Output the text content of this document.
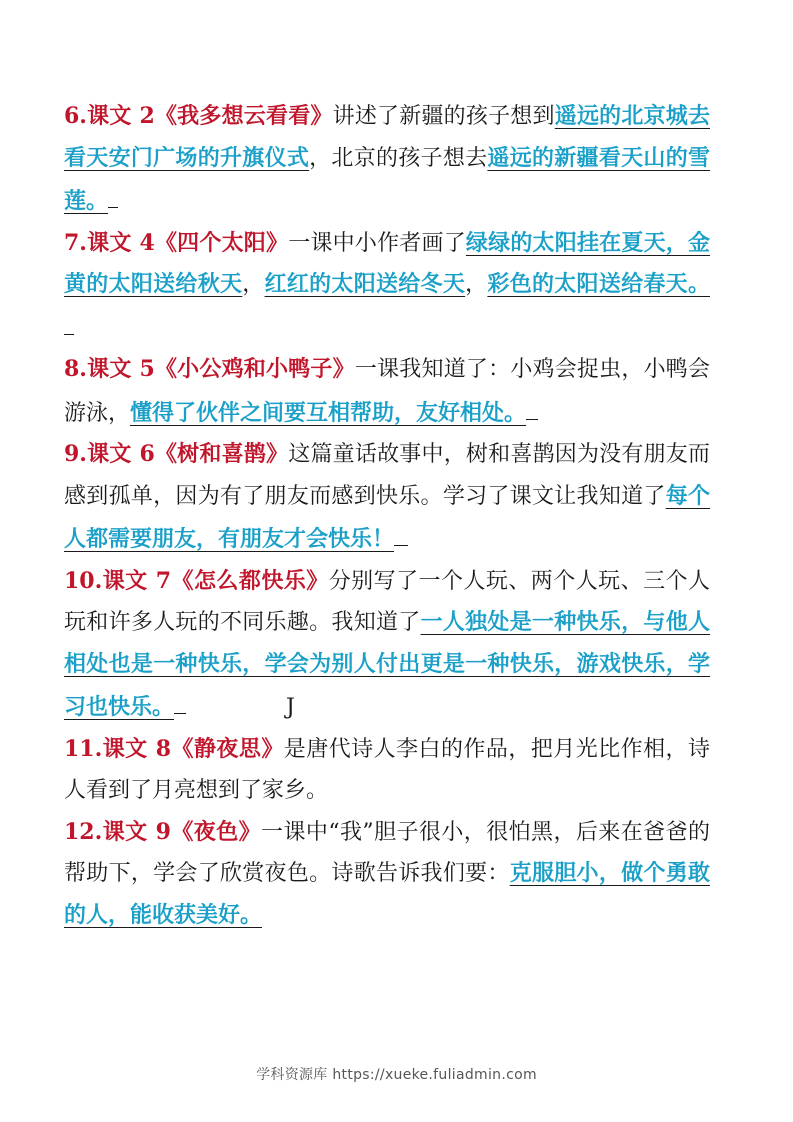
6.课文 2《我多想云看看》讲述了新疆的孩子想到遥远的北京城去看天安门广场的升旗仪式，北京的孩子想去遥远的新疆看天山的雪莲。

7.课文 4《四个太阳》一课中小作者画了绿绿的太阳挂在夏天，金黄的太阳送给秋天，红红的太阳送给冬天，彩色的太阳送给春天。

8.课文 5《小公鸡和小鸭子》一课我知道了：小鸡会捉虫，小鸭会游泳，懂得了伙伴之间要互相帮助，友好相处。

9.课文 6《树和喜鹊》这篇童话故事中，树和喜鹊因为没有朋友而感到孤单，因为有了朋友而感到快乐。学习了课文让我知道了每个人都需要朋友，有朋友才会快乐！

10.课文 7《怎么都快乐》分别写了一个人玩、两个人玩、三个人玩和许多人玩的不同乐趣。我知道了一人独处是一种快乐，与他人相处也是一种快乐，学会为别人付出更是一种快乐，游戏快乐，学习也快乐。	J

11.课文 8《静夜思》是唐代诗人李白的作品，把月光比作相，诗人看到了月亮想到了家乡。

12.课文 9《夜色》一课中“我”胆子很小，很怕黑，后来在爸爸的帮助下，学会了欣赏夜色。诗歌告诉我们要：克服胆小，做个勇敢的人，能收获美好。

学科资源库 https://xueke.fuliadmin.com
